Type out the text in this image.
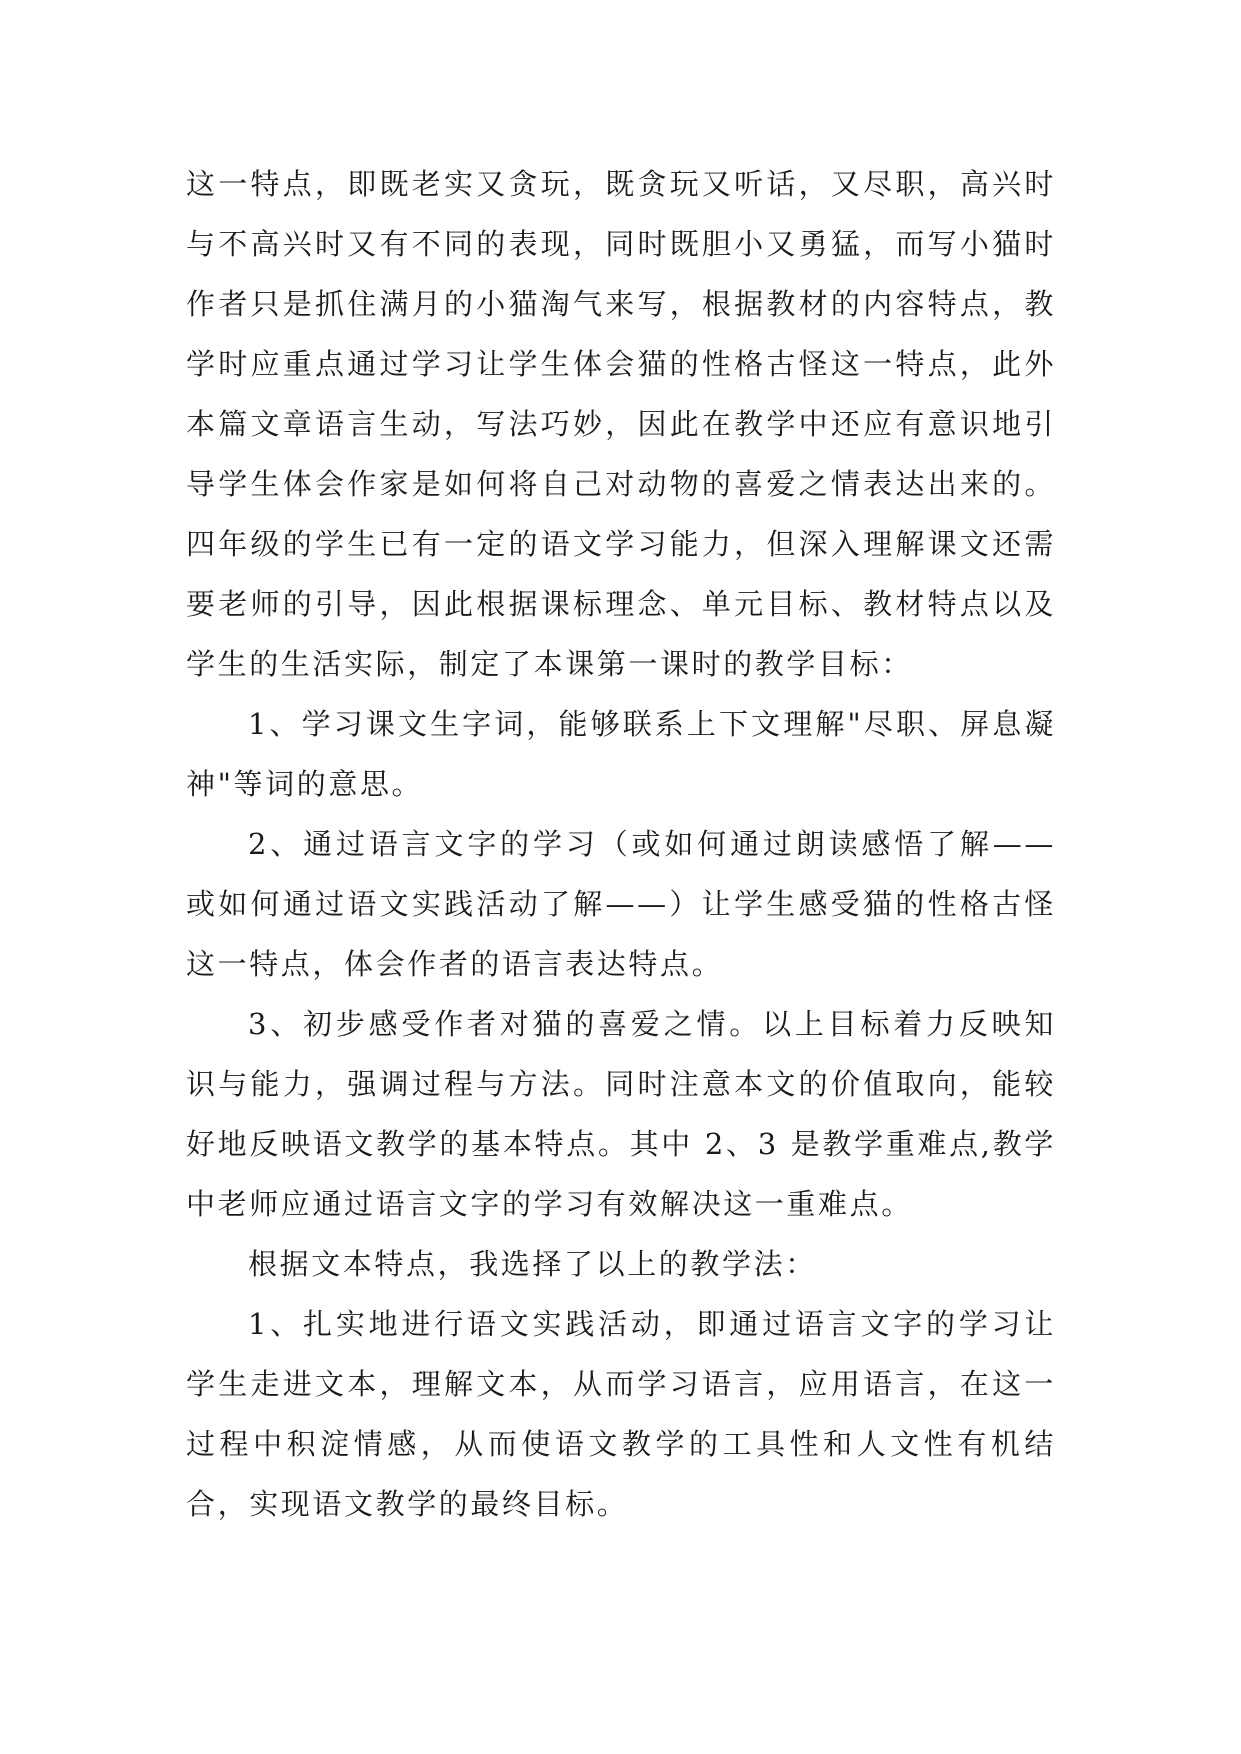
这一特点，即既老实又贪玩，既贪玩又听话，又尽职，高兴时与不高兴时又有不同的表现，同时既胆小又勇猛，而写小猫时作者只是抓住满月的小猫淘气来写，根据教材的内容特点，教学时应重点通过学习让学生体会猫的性格古怪这一特点，此外本篇文章语言生动，写法巧妙，因此在教学中还应有意识地引导学生体会作家是如何将自己对动物的喜爱之情表达出来的。四年级的学生已有一定的语文学习能力，但深入理解课文还需要老师的引导，因此根据课标理念、单元目标、教材特点以及学生的生活实际，制定了本课第一课时的教学目标：

1、学习课文生字词，能够联系上下文理解"尽职、屏息凝神"等词的意思。

2、通过语言文字的学习（或如何通过朗读感悟了解——或如何通过语文实践活动了解——）让学生感受猫的性格古怪这一特点，体会作者的语言表达特点。

3、初步感受作者对猫的喜爱之情。以上目标着力反映知识与能力，强调过程与方法。同时注意本文的价值取向，能较好地反映语文教学的基本特点。其中 2、3 是教学重难点,教学中老师应通过语言文字的学习有效解决这一重难点。

根据文本特点，我选择了以上的教学法：

1、扎实地进行语文实践活动，即通过语言文字的学习让学生走进文本，理解文本，从而学习语言，应用语言，在这一过程中积淀情感，从而使语文教学的工具性和人文性有机结合，实现语文教学的最终目标。
